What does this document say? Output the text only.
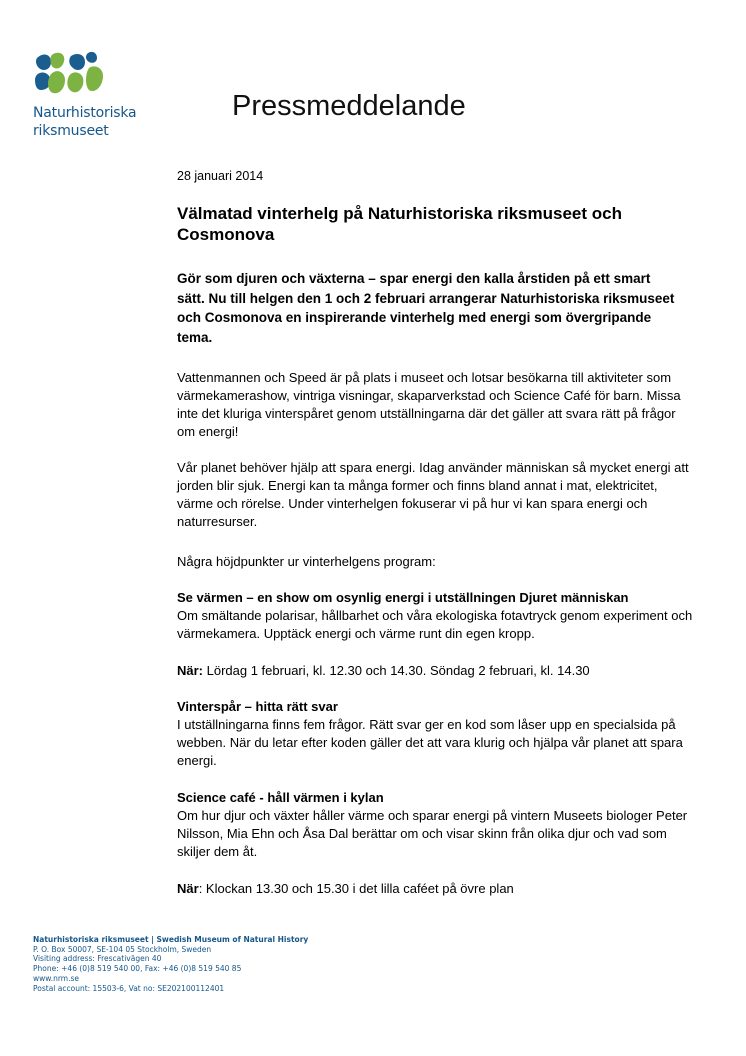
Naturhistoriska
riksmuseet
Pressmeddelande
28 januari 2014
Välmatad vinterhelg på Naturhistoriska riksmuseet och Cosmonova

Gör som djuren och växterna – spar energi den kalla årstiden på ett smart sätt. Nu till helgen den 1 och 2 februari arrangerar Naturhistoriska riksmuseet och Cosmonova en inspirerande vinterhelg med energi som övergripande tema.

Vattenmannen och Speed är på plats i museet och lotsar besökarna till aktiviteter som värmekamerashow, vintriga visningar, skaparverkstad och Science Café för barn. Missa inte det kluriga vinterspåret genom utställningarna där det gäller att svara rätt på frågor om energi!

Vår planet behöver hjälp att spara energi. Idag använder människan så mycket energi att jorden blir sjuk. Energi kan ta många former och finns bland annat i mat, elektricitet, värme och rörelse. Under vinterhelgen fokuserar vi på hur vi kan spara energi och naturresurser.

Några höjdpunkter ur vinterhelgens program:

Se värmen – en show om osynlig energi i utställningen Djuret människan
Om smältande polarisar, hållbarhet och våra ekologiska fotavtryck genom experiment och värmekamera. Upptäck energi och värme runt din egen kropp.
När: Lördag 1 februari, kl. 12.30 och 14.30. Söndag 2 februari, kl. 14.30
Vinterspår – hitta rätt svar
I utställningarna finns fem frågor. Rätt svar ger en kod som låser upp en specialsida på webben. När du letar efter koden gäller det att vara klurig och hjälpa vår planet att spara energi.
Science café - håll värmen i kylan
Om hur djur och växter håller värme och sparar energi på vintern Museets biologer Peter Nilsson, Mia Ehn och Åsa Dal berättar om och visar skinn från olika djur och vad som skiljer dem åt.
När: Klockan 13.30 och 15.30 i det lilla caféet på övre plan
Naturhistoriska riksmuseet | Swedish Museum of Natural History
P. O. Box 50007, SE-104 05 Stockholm, Sweden
Visiting address: Frescativägen 40
Phone: +46 (0)8 519 540 00, Fax: +46 (0)8 519 540 85
www.nrm.se
Postal account: 15503-6, Vat no: SE202100112401
